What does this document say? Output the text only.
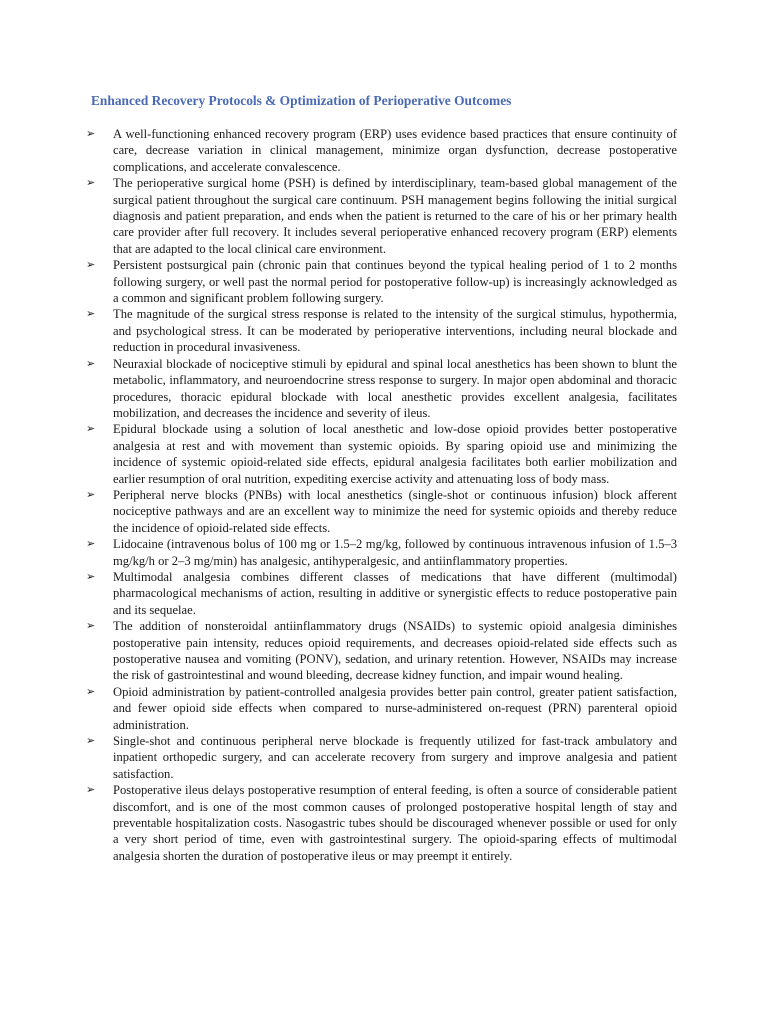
Enhanced Recovery Protocols & Optimization of Perioperative Outcomes
➢
A well-functioning enhanced recovery program (ERP) uses evidence based practices that ensure continuity of care, decrease variation in clinical management, minimize organ dysfunction, decrease postoperative complications, and accelerate convalescence.
➢
The perioperative surgical home (PSH) is defined by interdisciplinary, team-based global management of the surgical patient throughout the surgical care continuum. PSH management begins following the initial surgical diagnosis and patient preparation, and ends when the patient is returned to the care of his or her primary health care provider after full recovery. It includes several perioperative enhanced recovery program (ERP) elements that are adapted to the local clinical care environment.
➢
Persistent postsurgical pain (chronic pain that continues beyond the typical healing period of 1 to 2 months following surgery, or well past the normal period for postoperative follow-up) is increasingly acknowledged as a common and significant problem following surgery.
➢
The magnitude of the surgical stress response is related to the intensity of the surgical stimulus, hypothermia, and psychological stress. It can be moderated by perioperative interventions, including neural blockade and reduction in procedural invasiveness.
➢
Neuraxial blockade of nociceptive stimuli by epidural and spinal local anesthetics has been shown to blunt the metabolic, inflammatory, and neuroendocrine stress response to surgery. In major open abdominal and thoracic procedures, thoracic epidural blockade with local anesthetic provides excellent analgesia, facilitates mobilization, and decreases the incidence and severity of ileus.
➢
Epidural blockade using a solution of local anesthetic and low-dose opioid provides better postoperative analgesia at rest and with movement than systemic opioids. By sparing opioid use and minimizing the incidence of systemic opioid-related side effects, epidural analgesia facilitates both earlier mobilization and earlier resumption of oral nutrition, expediting exercise activity and attenuating loss of body mass.
➢
Peripheral nerve blocks (PNBs) with local anesthetics (single-shot or continuous infusion) block afferent nociceptive pathways and are an excellent way to minimize the need for systemic opioids and thereby reduce the incidence of opioid-related side effects.
➢
Lidocaine (intravenous bolus of 100 mg or 1.5–2 mg/kg, followed by continuous intravenous infusion of 1.5–3 mg/kg/h or 2–3 mg/min) has analgesic, antihyperalgesic, and antiinflammatory properties.
➢
Multimodal analgesia combines different classes of medications that have different (multimodal) pharmacological mechanisms of action, resulting in additive or synergistic effects to reduce postoperative pain and its sequelae.
➢
The addition of nonsteroidal antiinflammatory drugs (NSAIDs) to systemic opioid analgesia diminishes postoperative pain intensity, reduces opioid requirements, and decreases opioid-related side effects such as postoperative nausea and vomiting (PONV), sedation, and urinary retention. However, NSAIDs may increase the risk of gastrointestinal and wound bleeding, decrease kidney function, and impair wound healing.
➢
Opioid administration by patient-controlled analgesia provides better pain control, greater patient satisfaction, and fewer opioid side effects when compared to nurse-administered on-request (PRN) parenteral opioid administration.
➢
Single-shot and continuous peripheral nerve blockade is frequently utilized for fast-track ambulatory and inpatient orthopedic surgery, and can accelerate recovery from surgery and improve analgesia and patient satisfaction.
➢
Postoperative ileus delays postoperative resumption of enteral feeding, is often a source of considerable patient discomfort, and is one of the most common causes of prolonged postoperative hospital length of stay and preventable hospitalization costs. Nasogastric tubes should be discouraged whenever possible or used for only a very short period of time, even with gastrointestinal surgery. The opioid-sparing effects of multimodal analgesia shorten the duration of postoperative ileus or may preempt it entirely.
